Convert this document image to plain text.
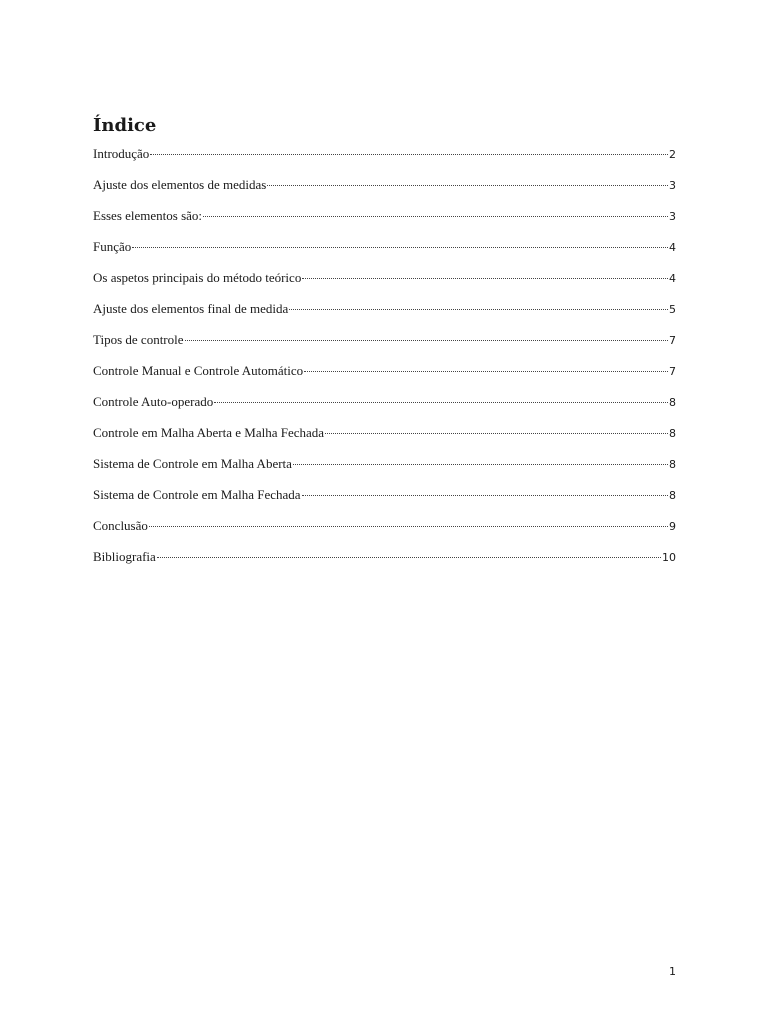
Índice
Introdução	2
Ajuste dos elementos de medidas	3
Esses elementos são:	3
Função	4
Os aspetos principais do método teórico	4
Ajuste dos elementos final de medida	5
Tipos de controle	7
Controle Manual e Controle Automático	7
Controle Auto-operado	8
Controle em Malha Aberta e Malha Fechada	8
Sistema de Controle em Malha Aberta	8
Sistema de Controle em Malha Fechada	8
Conclusão	9
Bibliografia	10
1
